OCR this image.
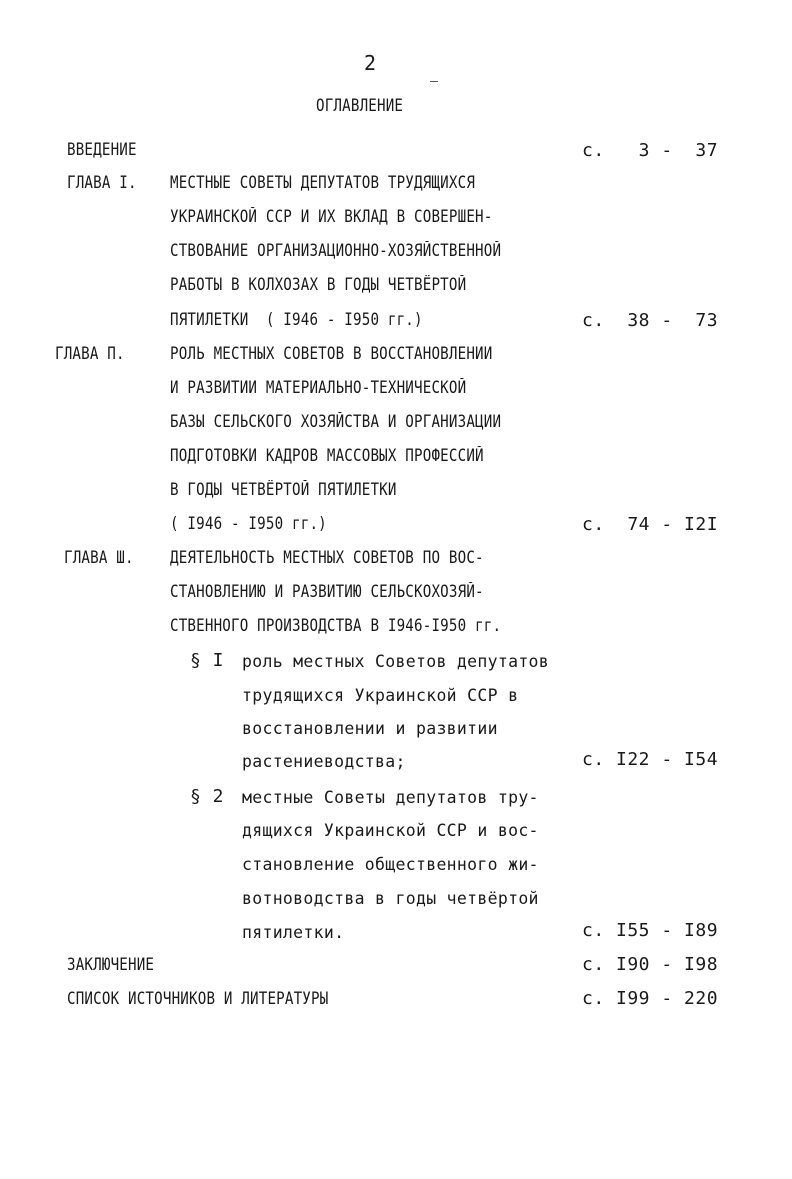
2
ОГЛАВЛЕНИЕ
ВВЕДЕНИЕ	с.   3 -  37
ГЛАВА I. МЕСТНЫЕ СОВЕТЫ ДЕПУТАТОВ ТРУДЯЩИХСЯ
УКРАИНСКОЙ ССР И ИХ ВКЛАД В СОВЕРШЕН-
СТВОВАНИЕ ОРГАНИЗАЦИОННО-ХОЗЯЙСТВЕННОЙ
РАБОТЫ В КОЛХОЗАХ В ГОДЫ ЧЕТВЁРТОЙ
ПЯТИЛЕТКИ  ( I946 - I950 гг.)	с.  38 -  73
ГЛАВА П.	РОЛЬ МЕСТНЫХ СОВЕТОВ В ВОССТАНОВЛЕНИИ
И РАЗВИТИИ МАТЕРИАЛЬНО-ТЕХНИЧЕСКОЙ
БАЗЫ СЕЛЬСКОГО ХОЗЯЙСТВА И ОРГАНИЗАЦИИ
ПОДГОТОВКИ КАДРОВ МАССОВЫХ ПРОФЕССИЙ
В ГОДЫ ЧЕТВЁРТОЙ ПЯТИЛЕТКИ
( I946 - I950 гг.)	с.  74 - I2I
ГЛАВА Ш. ДЕЯТЕЛЬНОСТЬ МЕСТНЫХ СОВЕТОВ ПО ВОС-
СТАНОВЛЕНИЮ И РАЗВИТИЮ СЕЛЬСКОХОЗЯЙ-
СТВЕННОГО ПРОИЗВОДСТВА В I946-I950 гг.
§ I роль местных Советов депутатов
трудящихся Украинской ССР в
восстановлении и развитии
растениеводства;	с. I22 - I54
§ 2 местные Советы депутатов тру-
дящихся Украинской ССР и вос-
становление общественного жи-
вотноводства в годы четвёртой
пятилетки.	с. I55 - I89
ЗАКЛЮЧЕНИЕ	с. I90 - I98
СПИСОК ИСТОЧНИКОВ И ЛИТЕРАТУРЫ	с. I99 - 220
